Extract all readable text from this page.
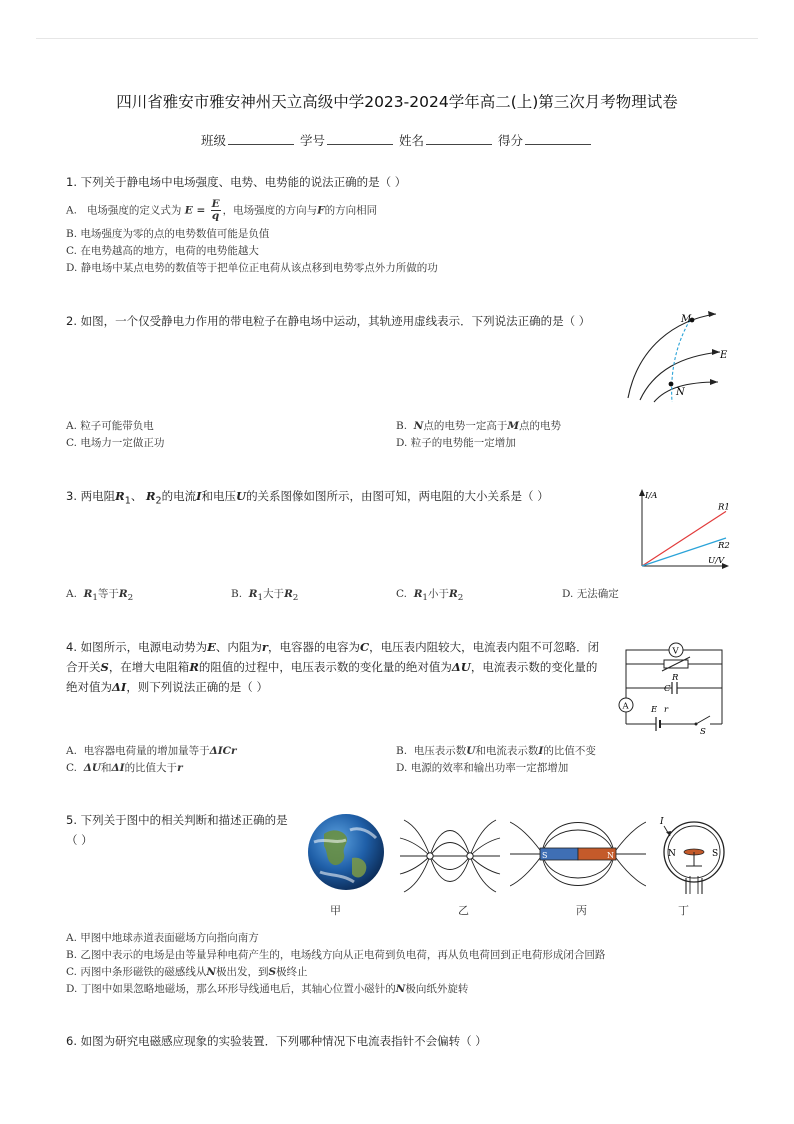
四川省雅安市雅安神州天立高级中学2023-2024学年高二(上)第三次月考物理试卷
班级	学号	姓名	得分
1. 下列关于静电场中电场强度、电势、电势能的说法正确的是（ ）
A. 电场强度的定义式为 $E = \frac{E}{q}$ ，电场强度的方向与F的方向相同
B. 电场强度为零的点的电势数值可能是负值
C. 在电势越高的地方，电荷的电势能越大
D. 静电场中某点电势的数值等于把单位正电荷从该点移到电势零点外力所做的功
2. 如图，一个仅受静电力作用的带电粒子在静电场中运动，其轨迹用虚线表示．下列说法正确的是（ ）	M
N
E
A. 粒子可能带负电	B. N点的电势一定高于M点的电势
C. 电场力一定做正功	D. 粒子的电势能一定增加
3. 两电阻$R_1$、 $R_2$的电流I和电压U的关系图像如图所示，由图可知，两电阻的大小关系是（ ）	I/A
U/V
R1
R2
A. $R_1$等于$R_2$	B. $R_1$大于$R_2$	C. $R_1$小于$R_2$	D. 无法确定
4. 如图所示，电源电动势为E、内阻为r，电容器的电容为C，电压表内阻较大，电流表内阻不可忽略．闭
合开关S，在增大电阻箱R的阻值的过程中，电压表示数的变化量的绝对值为ΔU，电流表示数的变化量的
绝对值为ΔI，则下列说法正确的是（ ）
V
R
C
A	E r
S
A. 电容器电荷量的增加量等于ΔICr	B. 电压表示数U和电流表示数I的比值不变
C. ΔU和ΔI的比值大于r	D. 电源的效率和输出功率一定都增加
5. 下列关于图中的相关判断和描述正确的是
（ ）
甲	乙
S	N
丙
N	S
I
丁
A. 甲图中地球赤道表面磁场方向指向南方
B. 乙图中表示的电场是由等量异种电荷产生的，电场线方向从正电荷到负电荷，再从负电荷回到正电荷形成闭合回路
C. 丙图中条形磁铁的磁感线从N极出发，到S极终止
D. 丁图中如果忽略地磁场，那么环形导线通电后，其轴心位置小磁针的N极向纸外旋转
6. 如图为研究电磁感应现象的实验装置．下列哪种情况下电流表指针不会偏转（ ）
